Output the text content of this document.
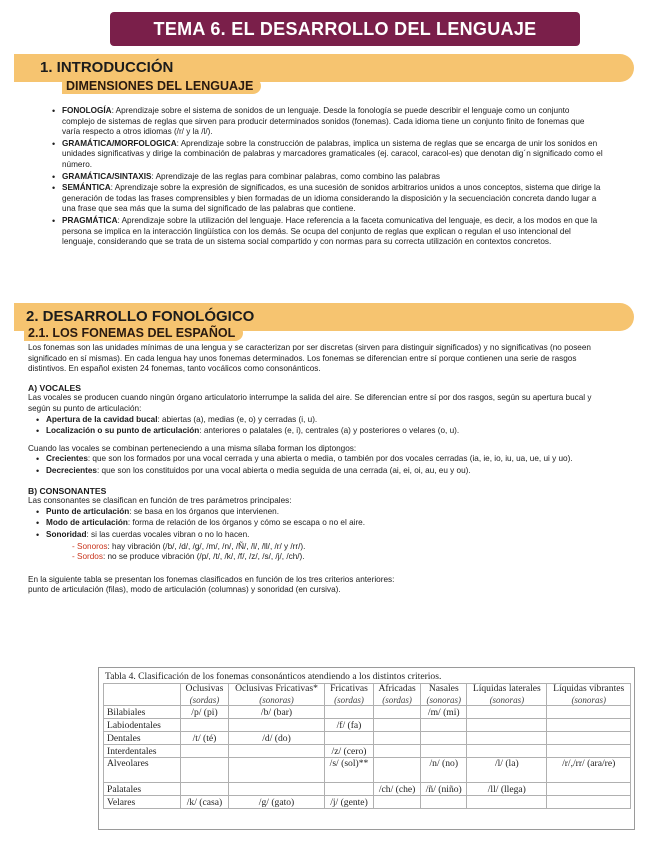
TEMA 6. EL DESARROLLO DEL LENGUAJE
1. INTRODUCCIÓN
DIMENSIONES DEL LENGUAJE
• FONOLOGÍA: Aprendizaje sobre el sistema de sonidos de un lenguaje. Desde la fonología se puede describir el lenguaje como un conjunto complejo de sistemas de reglas que sirven para producir determinados sonidos (fonemas). Cada idioma tiene un conjunto finito de fonemas que varía respecto a otros idiomas (/r/ y la /l/).
• GRAMÁTICA/MORFOLOGICA: Aprendizaje sobre la construcción de palabras, implica un sistema de reglas que se encarga de unir los sonidos en unidades significativas y dirige la combinación de palabras y marcadores gramaticales (ej. caracol, caracol-es) que denotan dig´n significado como el número.
• GRAMÁTICA/SINTAXIS: Aprendizaje de las reglas para combinar palabras, como combino las palabras
• SEMÁNTICA: Aprendizaje sobre la expresión de significados, es una sucesión de sonidos arbitrarios unidos a unos conceptos, sistema que dirige la generación de todas las frases comprensibles y bien formadas de un idioma considerando la disposición y la secuenciación concreta dando lugar a una frase que sea más que la suma del significado de las palabras que contiene.
• PRAGMÁTICA: Aprendizaje sobre la utilización del lenguaje. Hace referencia a la faceta comunicativa del lenguaje, es decir, a los modos en que la persona se implica en la interacción lingüística con los demás. Se ocupa del conjunto de reglas que explican o regulan el uso intencional del lenguaje, considerando que se trata de un sistema social compartido y con normas para su correcta utilización en contextos concretos.
2. DESARROLLO FONOLÓGICO
2.1. LOS FONEMAS DEL ESPAÑOL

Los fonemas son las unidades mínimas de una lengua y se caracterizan por ser discretas (sirven para distinguir significados) y no significativas (no poseen significado en sí mismas). En cada lengua hay unos fonemas determinados. Los fonemas se diferencian entre sí porque contienen una serie de rasgos distintivos. En español existen 24 fonemas, tanto vocálicos como consonánticos.

A) VOCALES

Las vocales se producen cuando ningún órgano articulatorio interrumpe la salida del aire. Se diferencian entre sí por dos rasgos, según su apertura bucal y según su punto de articulación:

• Apertura de la cavidad bucal: abiertas (a), medias (e, o) y cerradas (i, u).
• Localización o su punto de articulación: anteriores o palatales (e, i), centrales (a) y posteriores o velares (o, u).

Cuando las vocales se combinan perteneciendo a una misma sílaba forman los diptongos:

• Crecientes: que son los formados por una vocal cerrada y una abierta o media, o también por dos vocales cerradas (ia, ie, io, iu, ua, ue, ui y uo).
• Decrecientes: que son los constituidos por una vocal abierta o media seguida de una cerrada (ai, ei, oi, au, eu y ou).

B) CONSONANTES

Las consonantes se clasifican en función de tres parámetros principales:

• Punto de articulación: se basa en los órganos que intervienen.
• Modo de articulación: forma de relación de los órganos y cómo se escapa o no el aire.
• Sonoridad: si las cuerdas vocales vibran o no lo hacen.

- Sonoros: hay vibración (/b/, /d/, /g/, /m/, /n/, /Ñ/, /l/, /ll/, /r/ y /rr/).

- Sordos: no se produce vibración (/p/, /t/, /k/, /f/, /z/, /s/, /j/, /ch/).

En la siguiente tabla se presentan los fonemas clasificados en función de los tres criterios anteriores:

punto de articulación (filas), modo de articulación (columnas) y sonoridad (en cursiva).

Tabla 4. Clasificación de los fonemas consonánticos atendiendo a los distintos criterios.
	Oclusivas
(sordas)	Oclusivas Fricativas*
(sonoras)	Fricativas
(sordas)	Africadas
(sordas)	Nasales
(sonoras)	Líquidas laterales
(sonoras)	Líquidas vibrantes
(sonoras)

Bilabiales	/p/ (pi)	/b/ (bar)			/m/ (mi)		
Labiodentales			/f/ (fa)				
Dentales	/t/ (té)	/d/ (do)					
Interdentales			/z/ (cero)				
Alveolares			/s/ (sol)**		/n/ (no)	/l/ (la)	/r/,/rr/ (ara/re)
Palatales				/ch/ (che)	/ñ/ (niño)	/ll/ (llega)	
Velares	/k/ (casa)	/g/ (gato)	/j/ (gente)				
